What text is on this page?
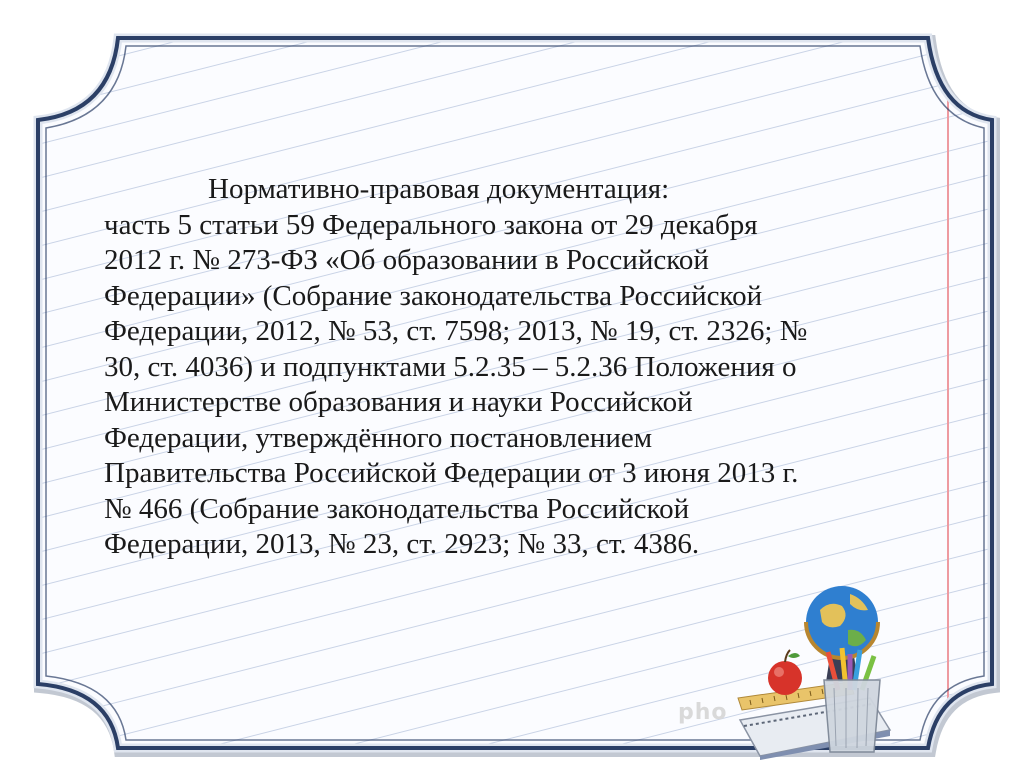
Нормативно-правовая документация:
часть 5 статьи 59 Федерального закона от 29 декабря
2012 г. № 273-ФЗ «Об образовании в Российской
Федерации» (Собрание законодательства Российской
Федерации, 2012, № 53, ст. 7598; 2013, № 19, ст. 2326; №
30, ст. 4036) и подпунктами 5.2.35 – 5.2.36 Положения о
Министерстве образования и науки Российской
Федерации, утверждённого постановлением
Правительства Российской Федерации от 3 июня 2013 г.
№ 466 (Собрание законодательства Российской
Федерации, 2013, № 23, ст. 2923; № 33, ст. 4386.
pho
